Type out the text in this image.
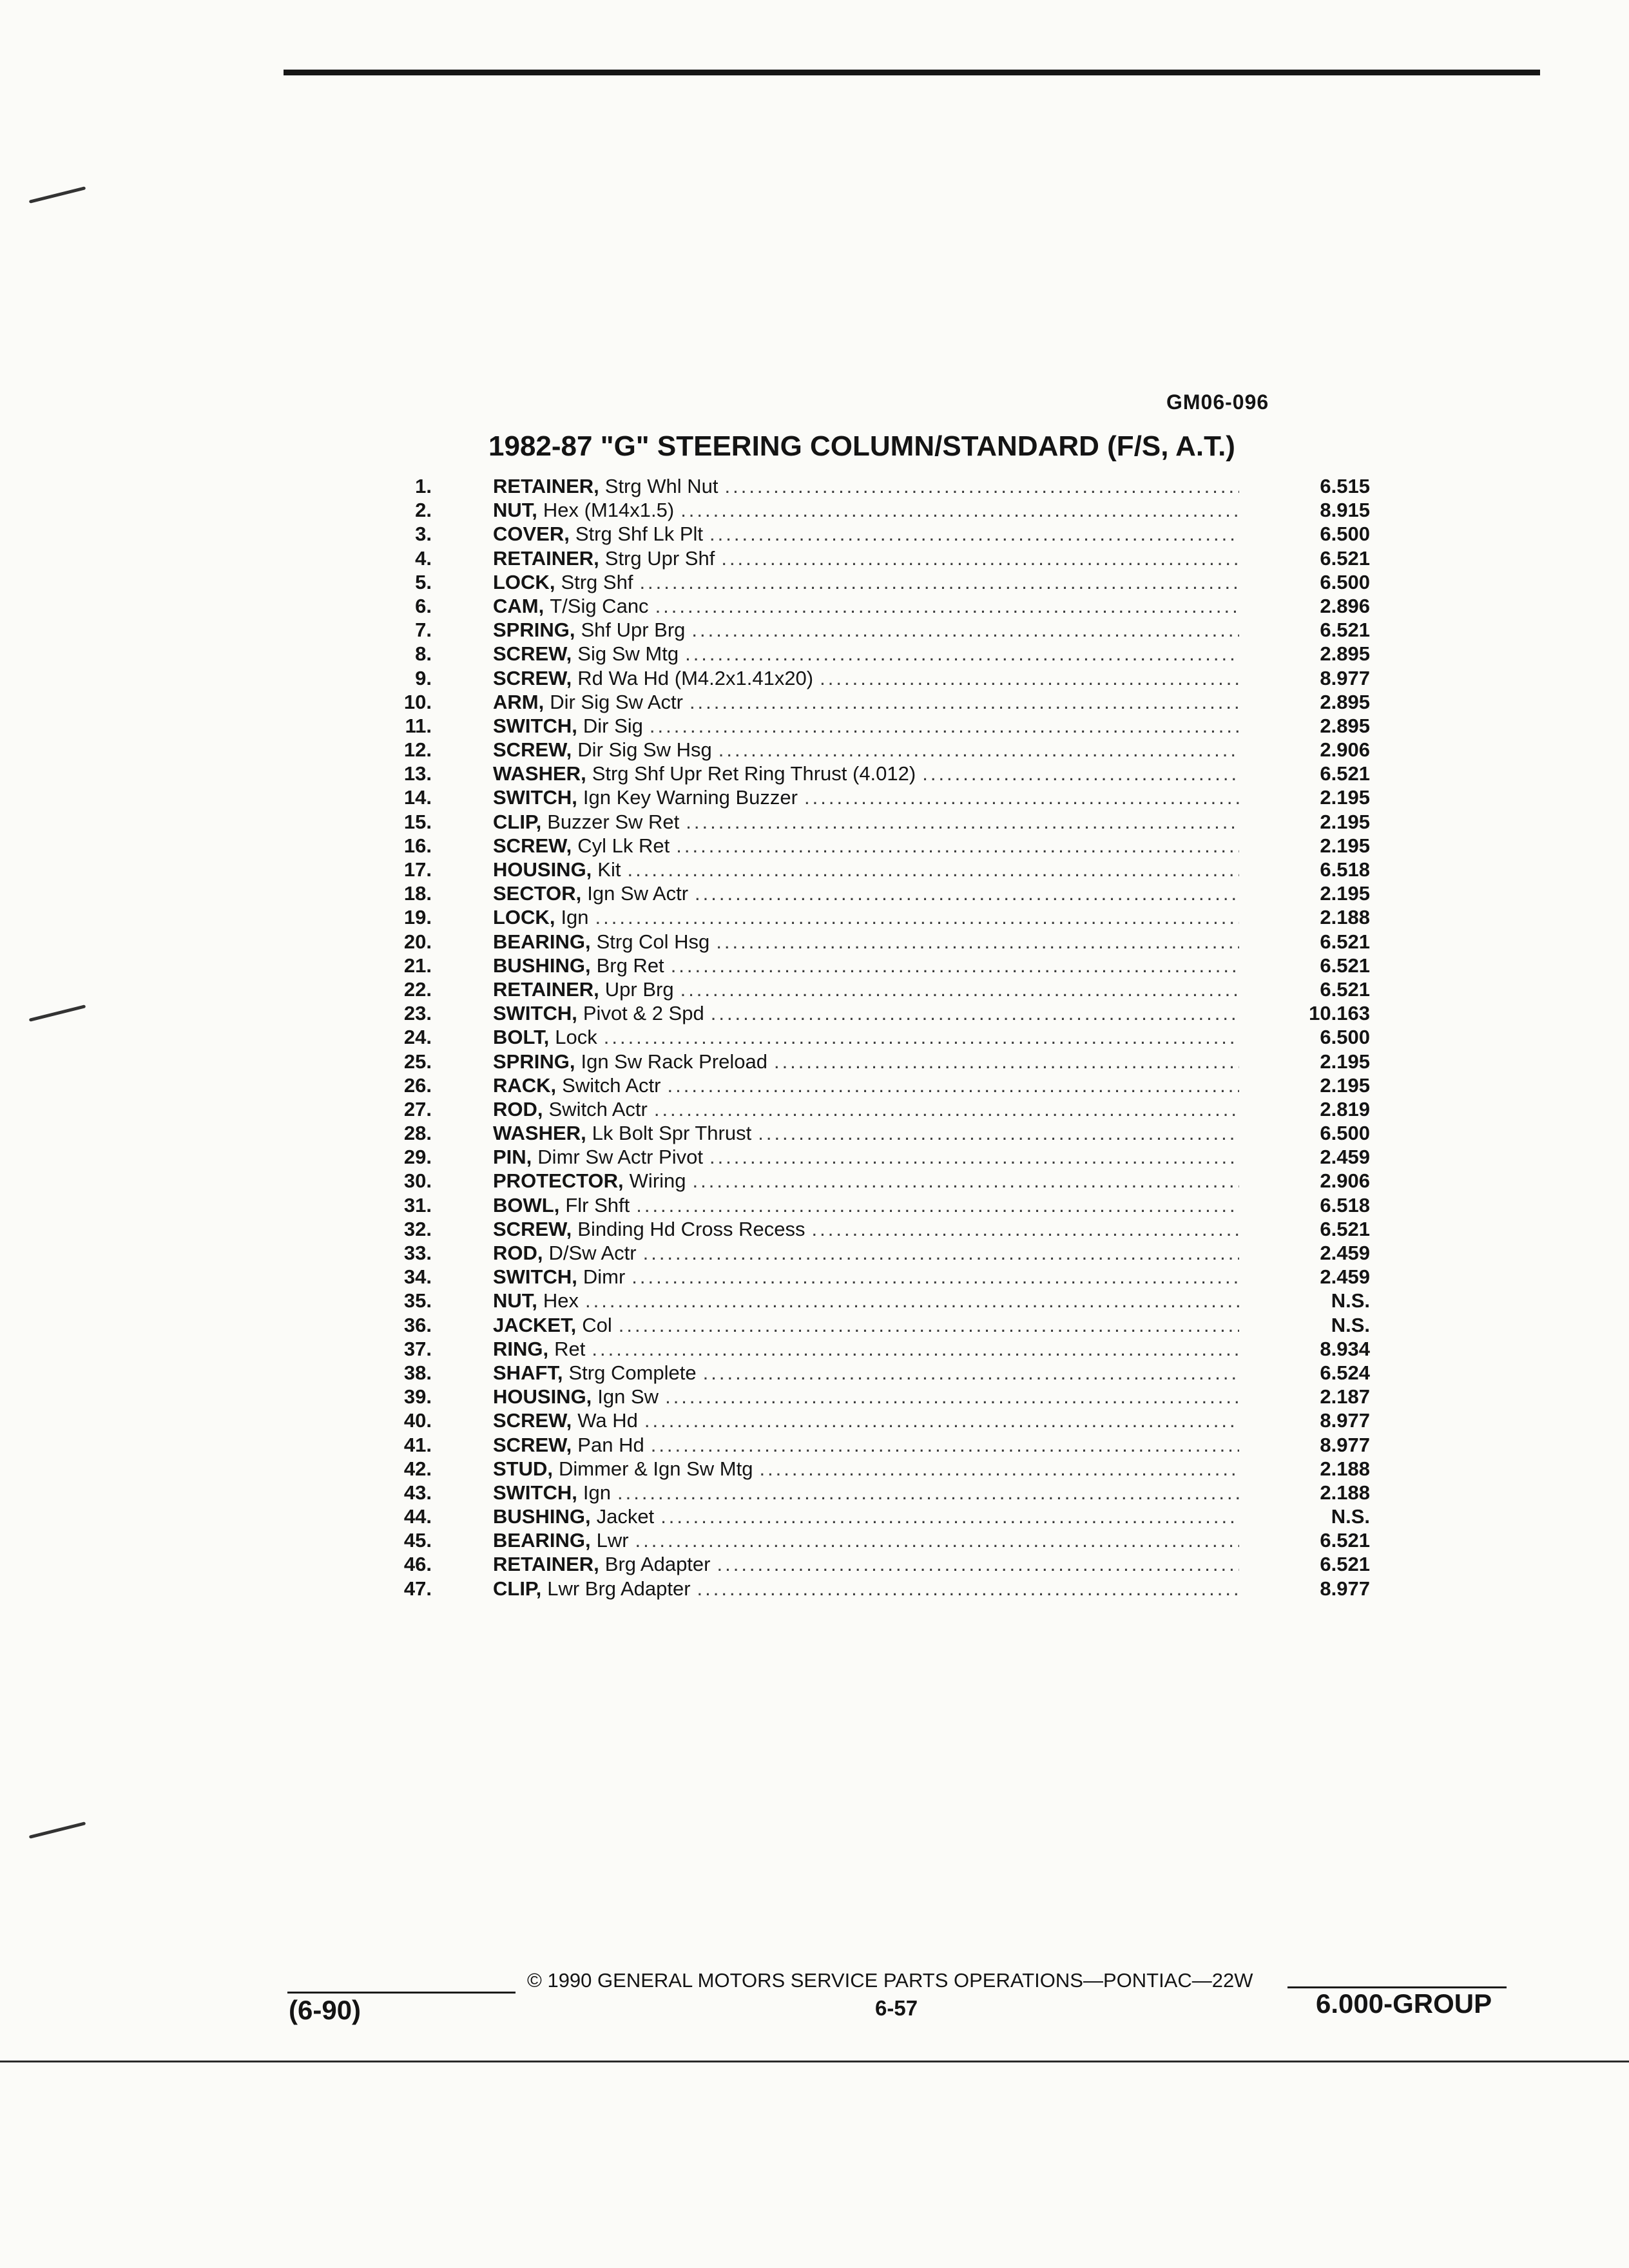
GM06-096
1982-87 "G" STEERING COLUMN/STANDARD (F/S, A.T.)
1.	RETAINER, Strg Whl Nut .....	6.515
2.	NUT, Hex (M14x1.5) .....	8.915
3.	COVER, Strg Shf Lk Plt .....	6.500
4.	RETAINER, Strg Upr Shf .....	6.521
5.	LOCK, Strg Shf .....	6.500
6.	CAM, T/Sig Canc .....	2.896
7.	SPRING, Shf Upr Brg .....	6.521
8.	SCREW, Sig Sw Mtg .....	2.895
9.	SCREW, Rd Wa Hd (M4.2x1.41x20) .....	8.977
10.	ARM, Dir Sig Sw Actr .....	2.895
11.	SWITCH, Dir Sig .....	2.895
12.	SCREW, Dir Sig Sw Hsg .....	2.906
13.	WASHER, Strg Shf Upr Ret Ring Thrust (4.012) .....	6.521
14.	SWITCH, Ign Key Warning Buzzer .....	2.195
15.	CLIP, Buzzer Sw Ret .....	2.195
16.	SCREW, Cyl Lk Ret .....	2.195
17.	HOUSING, Kit .....	6.518
18.	SECTOR, Ign Sw Actr .....	2.195
19.	LOCK, Ign .....	2.188
20.	BEARING, Strg Col Hsg .....	6.521
21.	BUSHING, Brg Ret .....	6.521
22.	RETAINER, Upr Brg .....	6.521
23.	SWITCH, Pivot & 2 Spd .....	10.163
24.	BOLT, Lock .....	6.500
25.	SPRING, Ign Sw Rack Preload .....	2.195
26.	RACK, Switch Actr .....	2.195
27.	ROD, Switch Actr .....	2.819
28.	WASHER, Lk Bolt Spr Thrust .....	6.500
29.	PIN, Dimr Sw Actr Pivot .....	2.459
30.	PROTECTOR, Wiring .....	2.906
31.	BOWL, Flr Shft .....	6.518
32.	SCREW, Binding Hd Cross Recess .....	6.521
33.	ROD, D/Sw Actr .....	2.459
34.	SWITCH, Dimr .....	2.459
35.	NUT, Hex .....	N.S.
36.	JACKET, Col .....	N.S.
37.	RING, Ret .....	8.934
38.	SHAFT, Strg Complete .....	6.524
39.	HOUSING, Ign Sw .....	2.187
40.	SCREW, Wa Hd .....	8.977
41.	SCREW, Pan Hd .....	8.977
42.	STUD, Dimmer & Ign Sw Mtg .....	2.188
43.	SWITCH, Ign .....	2.188
44.	BUSHING, Jacket .....	N.S.
45.	BEARING, Lwr .....	6.521
46.	RETAINER, Brg Adapter .....	6.521
47.	CLIP, Lwr Brg Adapter .....	8.977
© 1990 GENERAL MOTORS SERVICE PARTS OPERATIONS—PONTIAC—22W
(6-90)	6-57	6.000-GROUP
